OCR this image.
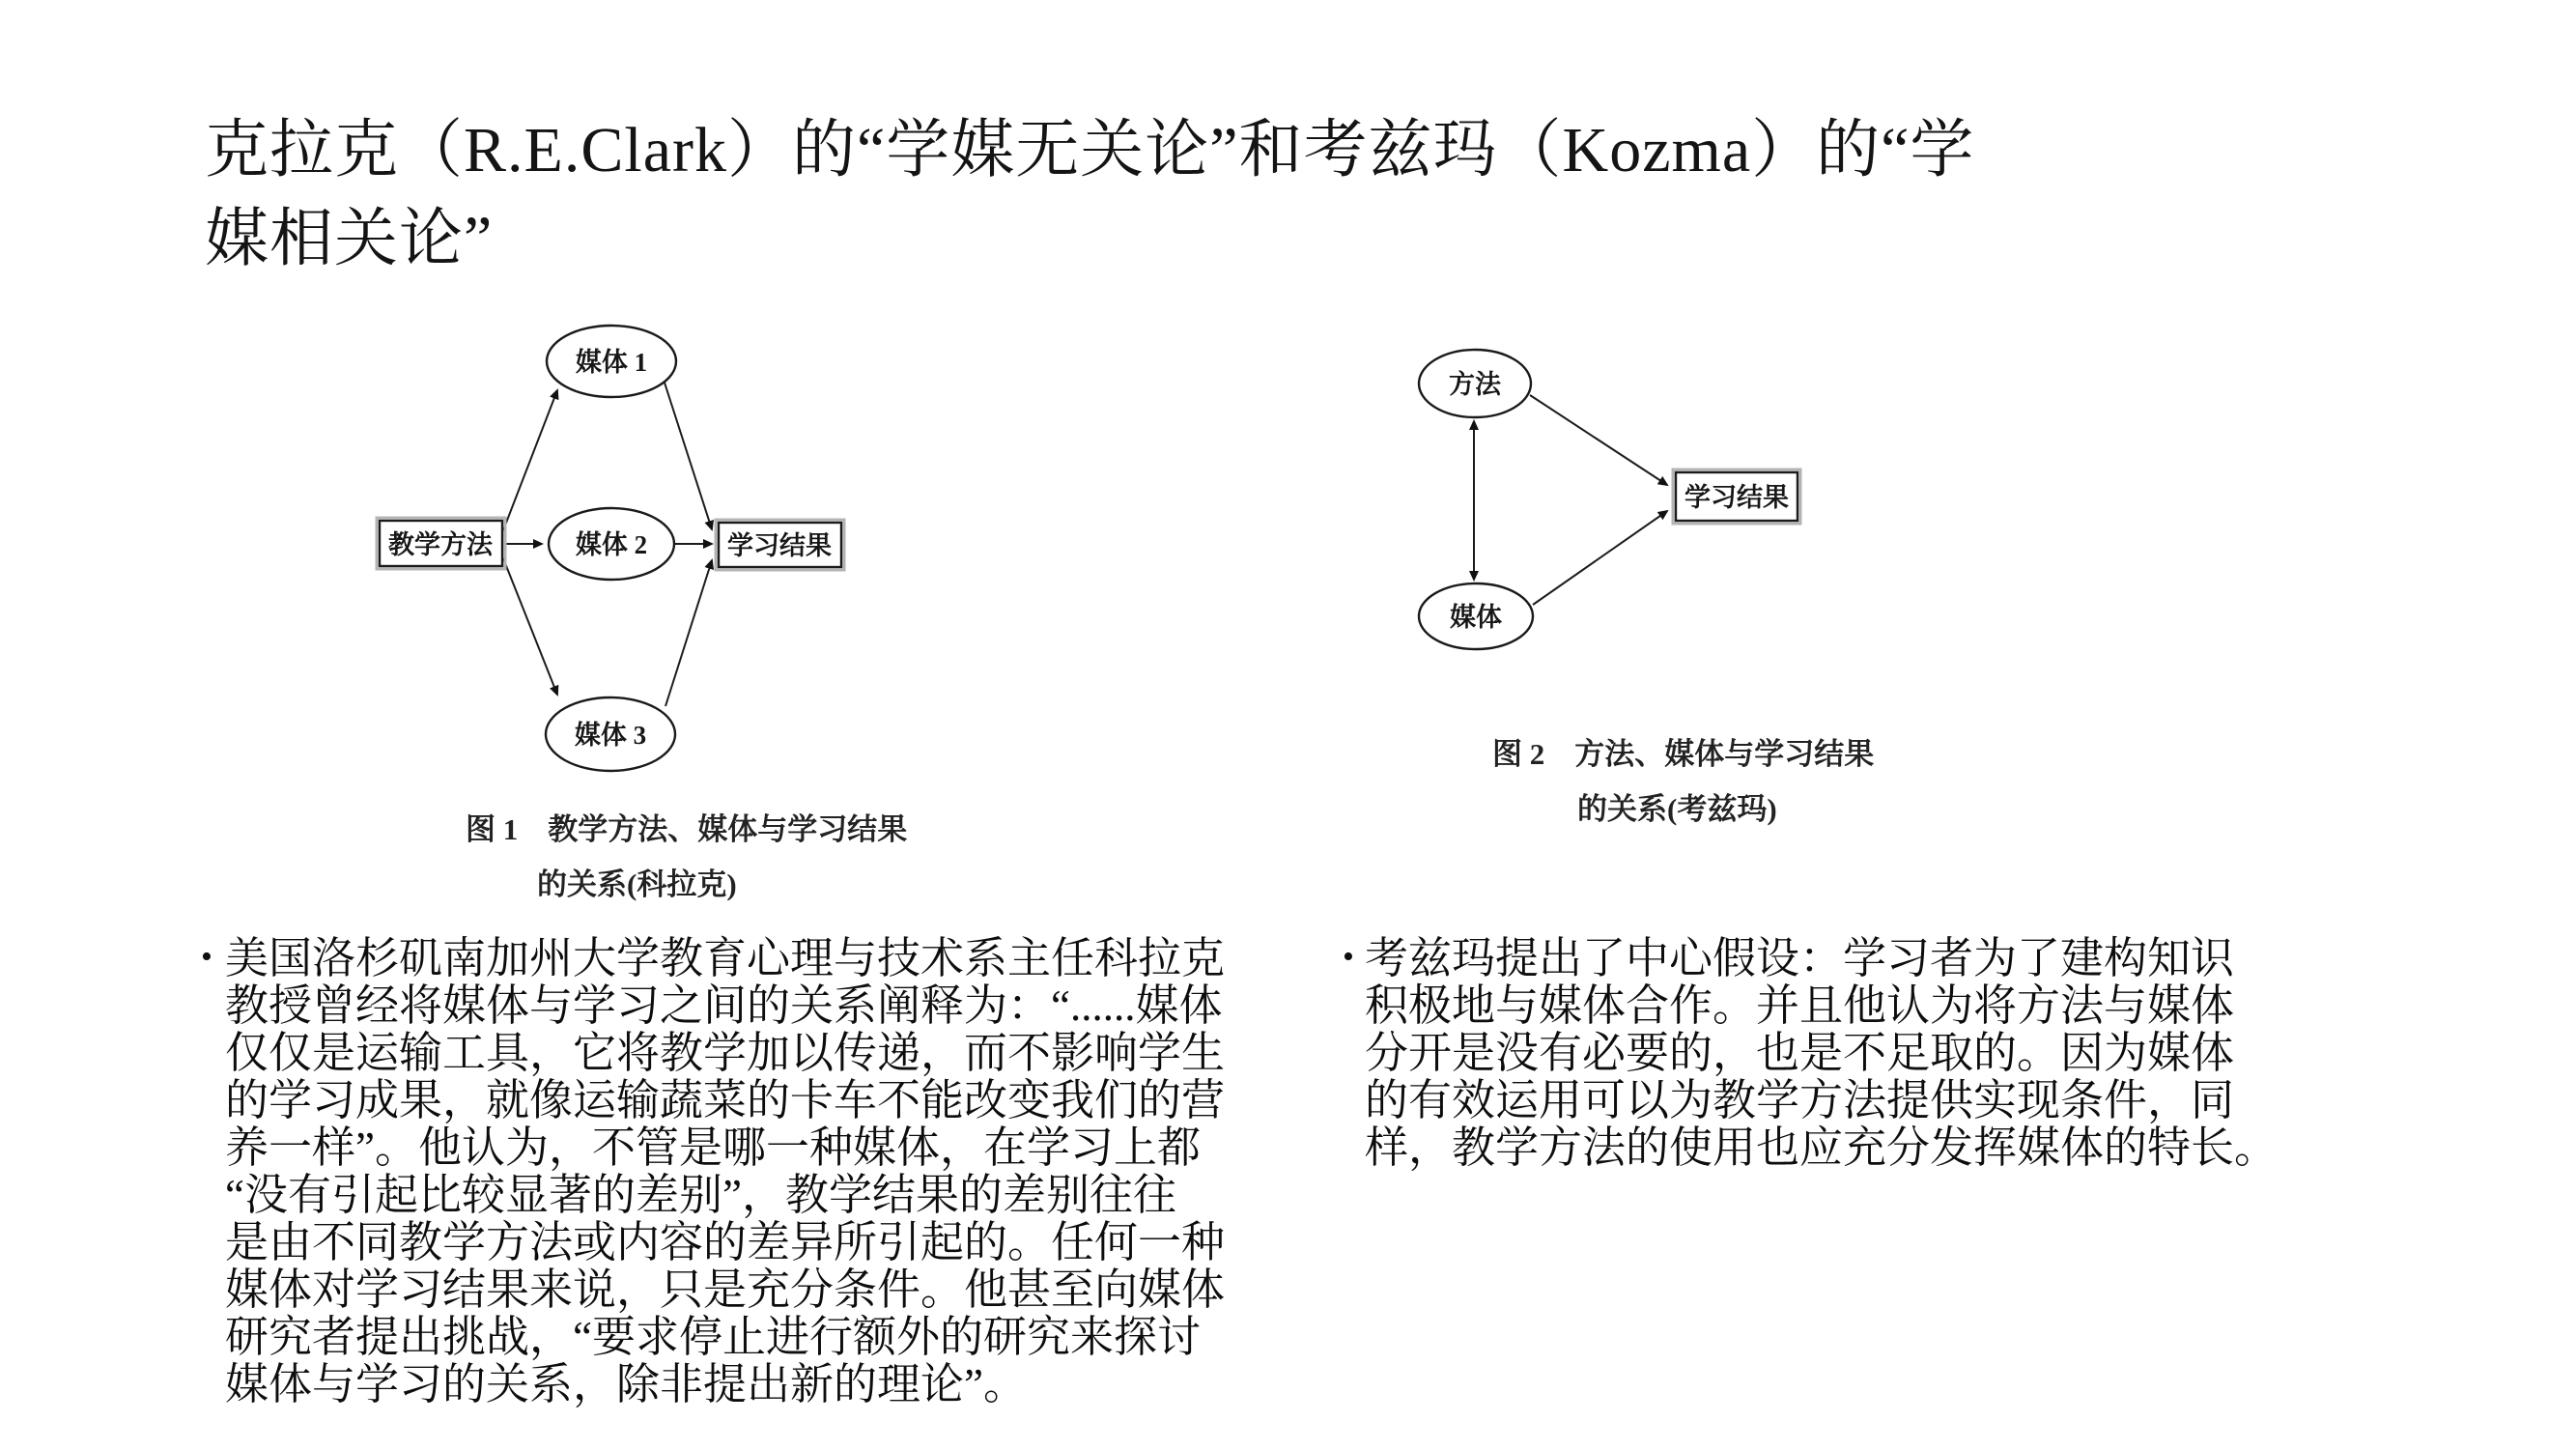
克拉克（R.E.Clark）的“学媒无关论”和考兹玛（Kozma）的“学
媒相关论”
教学方法
媒体 1
媒体 2
媒体 3
学习结果
图 1　教学方法、媒体与学习结果
的关系(科拉克)
方法
媒体
学习结果
图 2　方法、媒体与学习结果
的关系(考兹玛)
• 美国洛杉矶南加州大学教育心理与技术系主任科拉克
教授曾经将媒体与学习之间的关系阐释为：“......媒体
仅仅是运输工具，它将教学加以传递，而不影响学生
的学习成果，就像运输蔬菜的卡车不能改变我们的营
养一样”。他认为，不管是哪一种媒体，在学习上都
“没有引起比较显著的差别”，教学结果的差别往往
是由不同教学方法或内容的差异所引起的。任何一种
媒体对学习结果来说，只是充分条件。他甚至向媒体
研究者提出挑战，“要求停止进行额外的研究来探讨
媒体与学习的关系，除非提出新的理论”。
• 考兹玛提出了中心假设：学习者为了建构知识
积极地与媒体合作。并且他认为将方法与媒体
分开是没有必要的，也是不足取的。因为媒体
的有效运用可以为教学方法提供实现条件，同
样，教学方法的使用也应充分发挥媒体的特长。
